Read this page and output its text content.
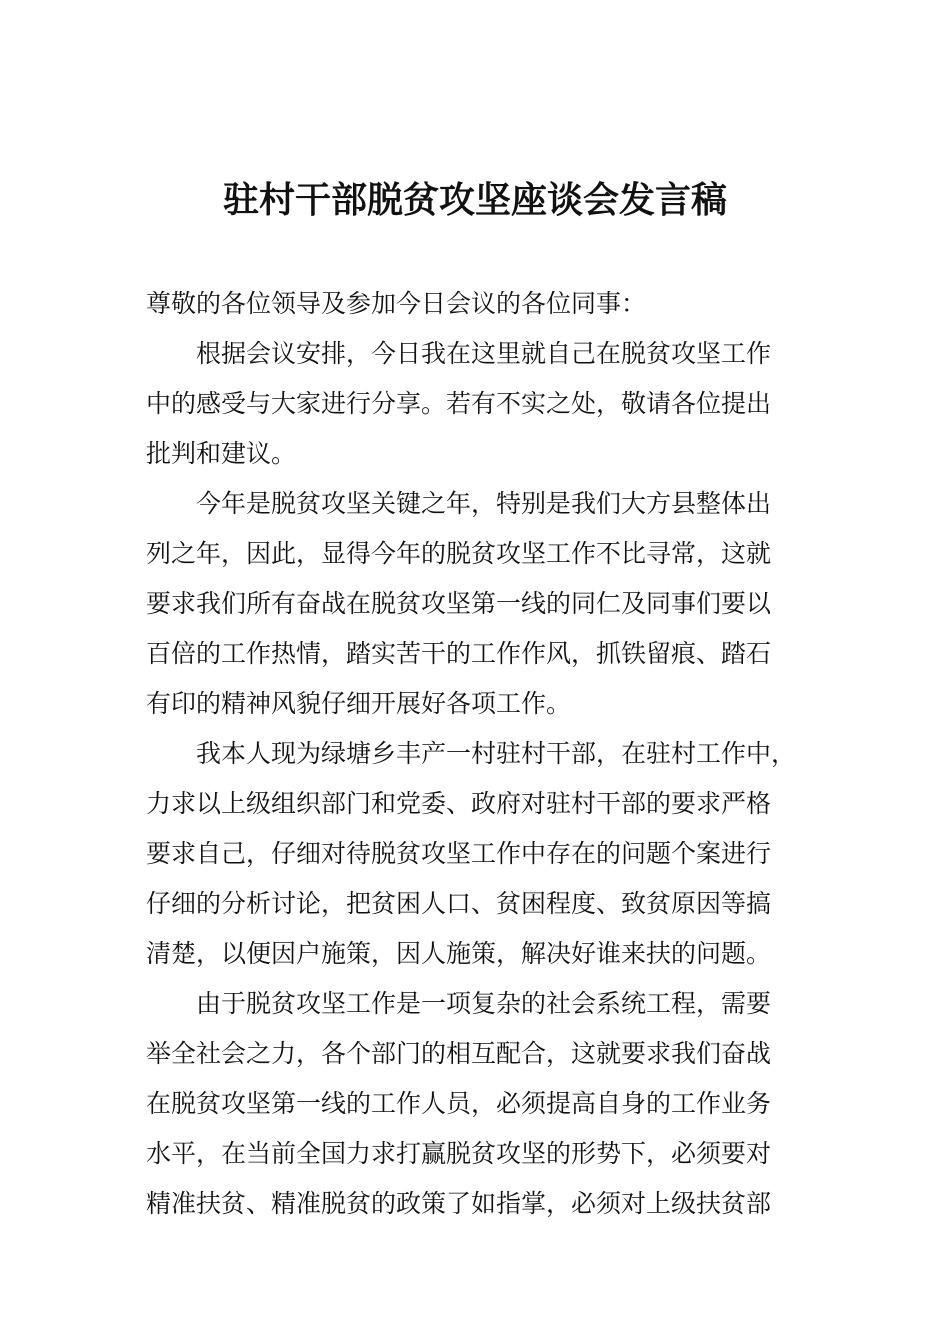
驻村干部脱贫攻坚座谈会发言稿

尊敬的各位领导及参加今日会议的各位同事：

根据会议安排，今日我在这里就自己在脱贫攻坚工作
中的感受与大家进行分享。若有不实之处，敬请各位提出
批判和建议。
今年是脱贫攻坚关键之年，特别是我们大方县整体出
列之年，因此，显得今年的脱贫攻坚工作不比寻常，这就
要求我们所有奋战在脱贫攻坚第一线的同仁及同事们要以
百倍的工作热情，踏实苦干的工作作风，抓铁留痕、踏石
有印的精神风貌仔细开展好各项工作。
我本人现为绿塘乡丰产一村驻村干部，在驻村工作中，
力求以上级组织部门和党委、政府对驻村干部的要求严格
要求自己，仔细对待脱贫攻坚工作中存在的问题个案进行
仔细的分析讨论，把贫困人口、贫困程度、致贫原因等搞
清楚，以便因户施策，因人施策，解决好谁来扶的问题。
由于脱贫攻坚工作是一项复杂的社会系统工程，需要
举全社会之力，各个部门的相互配合，这就要求我们奋战
在脱贫攻坚第一线的工作人员，必须提高自身的工作业务
水平，在当前全国力求打赢脱贫攻坚的形势下，必须要对
精准扶贫、精准脱贫的政策了如指掌，必须对上级扶贫部
